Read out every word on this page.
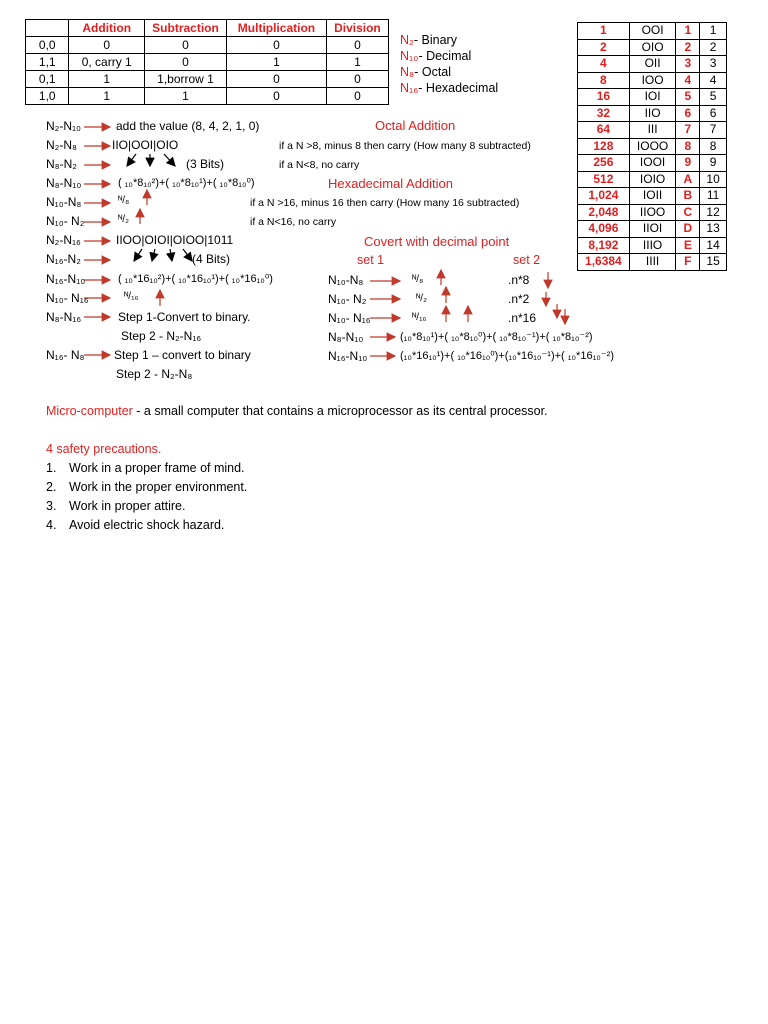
	Addition	Subtraction	Multiplication	Division
0,0	0	0	0	0
1,1	0, carry 1	0	1	1
0,1	1	1,borrow 1	0	0
1,0	1	1	0	0
N₂- Binary
N₁₀- Decimal
N₈- Octal
N₁₆- Hexadecimal
1	OOI	1	1
2	OIO	2	2
4	OII	3	3
8	IOO	4	4
16	IOI	5	5
32	IIO	6	6
64	III	7	7
128	IOOO	8	8
256	IOOI	9	9
512	IOIO	A	10
1,024	IOII	B	11
2,048	IIOO	C	12
4,096	IIOI	D	13
8,192	IIIO	E	14
1,6384	IIII	F	15
N₂-N₁₀	add the value (8, 4, 2, 1, 0)	Octal Addition
N₂-N₈	IIO|OOI|OIO	if a N >8, minus 8 then carry (How many 8 subtracted)
N₈-N₂	(3 Bits)	if a N<8, no carry
N₈-N₁₀	( ₁₀*8₁₀²)+( ₁₀*8₁₀¹)+( ₁₀*8₁₀⁰)	Hexadecimal Addition
N₁₀-N₈	ᴺ/₈	if a N >16, minus 16 then carry (How many 16 subtracted)
N₁₀- N₂	ᴺ/₂	if a N<16, no carry
N₂-N₁₆	IIOO|OIOI|OIOO|1011	Covert with decimal point
N₁₆-N₂	(4 Bits)	set 1	set 2
N₁₆-N₁₀	( ₁₀*16₁₀²)+( ₁₀*16₁₀¹)+( ₁₀*16₁₀⁰)	N₁₀-N₈	ᴺ/₈	.n*8
N₁₀- N₁₆	ᴺ/₁₆	N₁₀- N₂	ᴺ/₂	.n*2
N₈-N₁₆	Step 1-Convert to binary.	N₁₀- N₁₆	ᴺ/₁₆	.n*16
Step 2 - N₂-N₁₆	N₈-N₁₀	(₁₀*8₁₀¹)+( ₁₀*8₁₀⁰)+( ₁₀*8₁₀⁻¹)+( ₁₀*8₁₀⁻²)
N₁₆- N₈ Step 1 – convert to binary	N₁₆-N₁₀	(₁₀*16₁₀¹)+( ₁₀*16₁₀⁰)+(₁₀*16₁₀⁻¹)+( ₁₀*16₁₀⁻²)
Step 2 - N₂-N₈
Micro-computer - a small computer that contains a microprocessor as its central processor.
4 safety precautions.
1. Work in a proper frame of mind.
2. Work in the proper environment.
3. Work in proper attire.
4. Avoid electric shock hazard.
